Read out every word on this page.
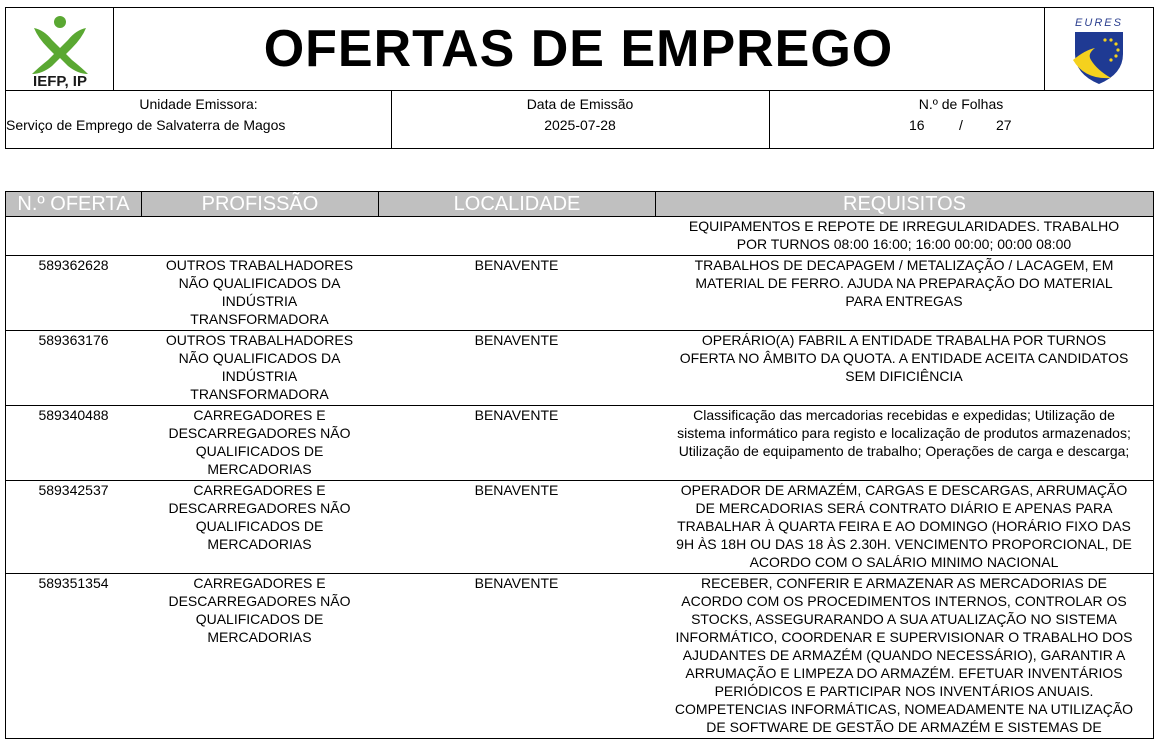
IEFP, IP
OFERTAS DE EMPREGO	EURES
Unidade Emissora:
Serviço de Emprego de Salvaterra de Magos
Data de Emissão
2025-07-28
N.º de Folhas
16 / 27
N.º OFERTA	PROFISSÃO	LOCALIDADE	REQUISITOS
EQUIPAMENTOS E REPOTE DE IRREGULARIDADES. TRABALHO
POR TURNOS 08:00 16:00; 16:00 00:00; 00:00 08:00
589362628	OUTROS TRABALHADORES
NÃO QUALIFICADOS DA
INDÚSTRIA
TRANSFORMADORA
BENAVENTE	TRABALHOS DE DECAPAGEM / METALIZAÇÃO / LACAGEM, EM
MATERIAL DE FERRO. AJUDA NA PREPARAÇÃO DO MATERIAL
PARA ENTREGAS
589363176	OUTROS TRABALHADORES
NÃO QUALIFICADOS DA
INDÚSTRIA
TRANSFORMADORA
BENAVENTE	OPERÁRIO(A) FABRIL A ENTIDADE TRABALHA POR TURNOS
OFERTA NO ÂMBITO DA QUOTA. A ENTIDADE ACEITA CANDIDATOS
SEM DIFICIÊNCIA
589340488	CARREGADORES E
DESCARREGADORES NÃO
QUALIFICADOS DE
MERCADORIAS
BENAVENTE	Classificação das mercadorias recebidas e expedidas; Utilização de
sistema informático para registo e localização de produtos armazenados;
Utilização de equipamento de trabalho; Operações de carga e descarga;
589342537	CARREGADORES E
DESCARREGADORES NÃO
QUALIFICADOS DE
MERCADORIAS
BENAVENTE	OPERADOR DE ARMAZÉM, CARGAS E DESCARGAS, ARRUMAÇÃO
DE MERCADORIAS SERÁ CONTRATO DIÁRIO E APENAS PARA
TRABALHAR À QUARTA FEIRA E AO DOMINGO (HORÁRIO FIXO DAS
9H ÀS 18H OU DAS 18 ÀS 2.30H. VENCIMENTO PROPORCIONAL, DE
ACORDO COM O SALÁRIO MINIMO NACIONAL
589351354	CARREGADORES E
DESCARREGADORES NÃO
QUALIFICADOS DE
MERCADORIAS
BENAVENTE	RECEBER, CONFERIR E ARMAZENAR AS MERCADORIAS DE
ACORDO COM OS PROCEDIMENTOS INTERNOS, CONTROLAR OS
STOCKS, ASSEGURARANDO A SUA ATUALIZAÇÃO NO SISTEMA
INFORMÁTICO, COORDENAR E SUPERVISIONAR O TRABALHO DOS
AJUDANTES DE ARMAZÉM (QUANDO NECESSÁRIO), GARANTIR A
ARRUMAÇÃO E LIMPEZA DO ARMAZÉM. EFETUAR INVENTÁRIOS
PERIÓDICOS E PARTICIPAR NOS INVENTÁRIOS ANUAIS.
COMPETENCIAS INFORMÁTICAS, NOMEADAMENTE NA UTILIZAÇÃO
DE SOFTWARE DE GESTÃO DE ARMAZÉM E SISTEMAS DE
